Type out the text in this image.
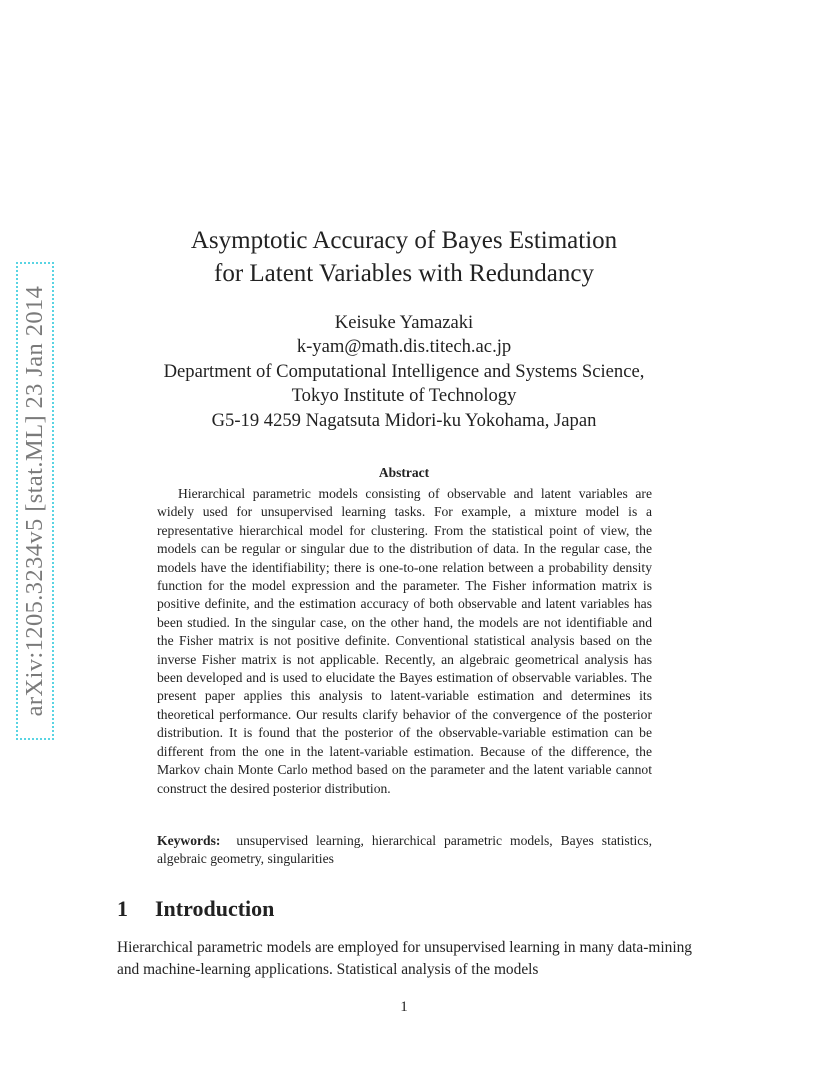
arXiv:1205.3234v5 [stat.ML] 23 Jan 2014
Asymptotic Accuracy of Bayes Estimation
for Latent Variables with Redundancy
Keisuke Yamazaki
k-yam@math.dis.titech.ac.jp
Department of Computational Intelligence and Systems Science,
Tokyo Institute of Technology
G5-19 4259 Nagatsuta Midori-ku Yokohama, Japan
Abstract

Hierarchical parametric models consisting of observable and latent variables are widely used for unsupervised learning tasks. For example, a mixture model is a representative hierarchical model for clustering. From the statistical point of view, the models can be regular or singular due to the distribution of data. In the regular case, the models have the identifiability; there is one-to-one relation between a probability density function for the model expression and the parameter. The Fisher information matrix is positive definite, and the estimation accuracy of both observable and latent variables has been studied. In the singular case, on the other hand, the models are not identifiable and the Fisher matrix is not positive definite. Conventional statistical analysis based on the inverse Fisher matrix is not applicable. Recently, an algebraic geometrical analysis has been developed and is used to elucidate the Bayes estimation of observable variables. The present paper applies this analysis to latent-variable estimation and determines its theoretical performance. Our results clarify behavior of the convergence of the posterior distribution. It is found that the posterior of the observable-variable estimation can be different from the one in the latent-variable estimation. Because of the difference, the Markov chain Monte Carlo method based on the parameter and the latent variable cannot construct the desired posterior distribution.

Keywords: unsupervised learning, hierarchical parametric models, Bayes statistics, algebraic geometry, singularities

1 Introduction

Hierarchical parametric models are employed for unsupervised learning in many data-mining and machine-learning applications. Statistical analysis of the models

1
